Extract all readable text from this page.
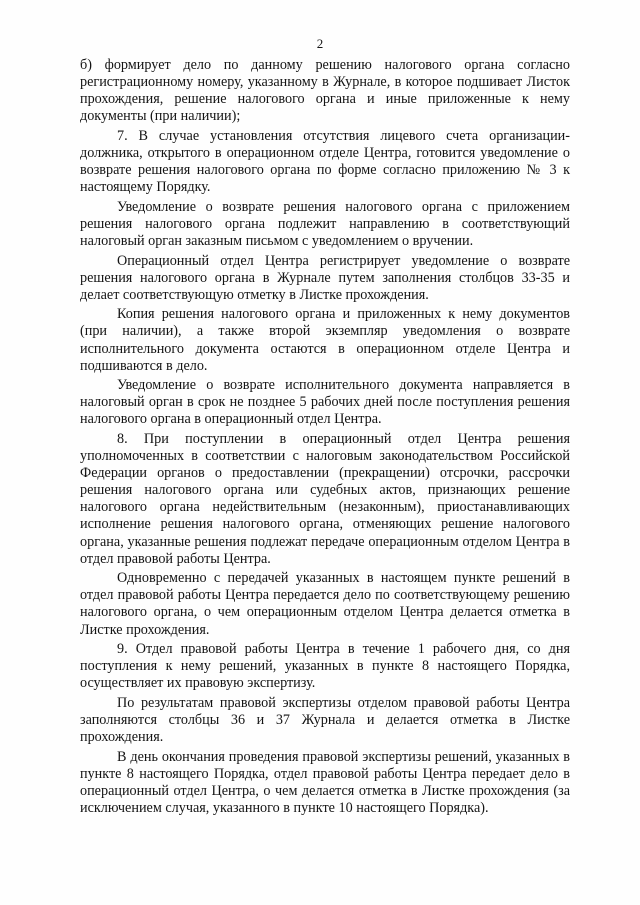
2

б) формирует дело по данному решению налогового органа согласно регистрационному номеру, указанному в Журнале, в которое подшивает Листок прохождения, решение налогового органа и иные приложенные к нему документы (при наличии);

7. В случае установления отсутствия лицевого счета организации-должника, открытого в операционном отделе Центра, готовится уведомление о возврате решения налогового органа по форме согласно приложению № 3 к настоящему Порядку.

Уведомление о возврате решения налогового органа с приложением решения налогового органа подлежит направлению в соответствующий налоговый орган заказным письмом с уведомлением о вручении.

Операционный отдел Центра регистрирует уведомление о возврате решения налогового органа в Журнале путем заполнения столбцов 33-35 и делает соответствующую отметку в Листке прохождения.

Копия решения налогового органа и приложенных к нему документов (при наличии), а также второй экземпляр уведомления о возврате исполнительного документа остаются в операционном отделе Центра и подшиваются в дело.

Уведомление о возврате исполнительного документа направляется в налоговый орган в срок не позднее 5 рабочих дней после поступления решения налогового органа в операционный отдел Центра.

8. При поступлении в операционный отдел Центра решения уполномоченных в соответствии с налоговым законодательством Российской Федерации органов о предоставлении (прекращении) отсрочки, рассрочки решения налогового органа или судебных актов, признающих решение налогового органа недействительным (незаконным), приостанавливающих исполнение решения налогового органа, отменяющих решение налогового органа, указанные решения подлежат передаче операционным отделом Центра в отдел правовой работы Центра.

Одновременно с передачей указанных в настоящем пункте решений в отдел правовой работы Центра передается дело по соответствующему решению налогового органа, о чем операционным отделом Центра делается отметка в Листке прохождения.

9. Отдел правовой работы Центра в течение 1 рабочего дня, со дня поступления к нему решений, указанных в пункте 8 настоящего Порядка, осуществляет их правовую экспертизу.

По результатам правовой экспертизы отделом правовой работы Центра заполняются столбцы 36 и 37 Журнала и делается отметка в Листке прохождения.

В день окончания проведения правовой экспертизы решений, указанных в пункте 8 настоящего Порядка, отдел правовой работы Центра передает дело в операционный отдел Центра, о чем делается отметка в Листке прохождения (за исключением случая, указанного в пункте 10 настоящего Порядка).
